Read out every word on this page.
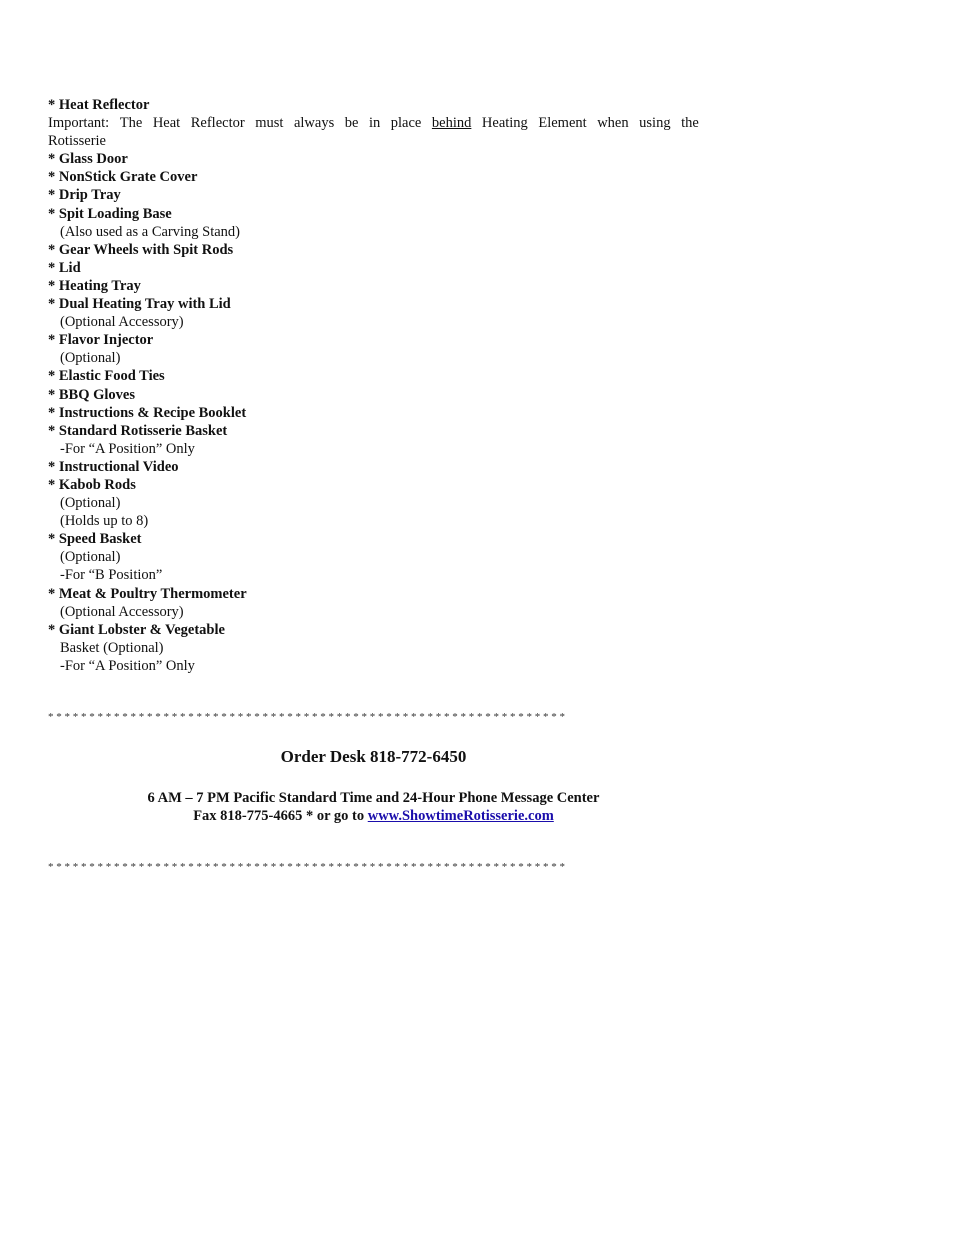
* Heat Reflector
Important: The Heat Reflector must always be in place behind Heating Element when using the
Rotisserie
* Glass Door
* NonStick Grate Cover
* Drip Tray
* Spit Loading Base
(Also used as a Carving Stand)
* Gear Wheels with Spit Rods
* Lid
* Heating Tray
* Dual Heating Tray with Lid
(Optional Accessory)
* Flavor Injector
(Optional)
* Elastic Food Ties
* BBQ Gloves
* Instructions & Recipe Booklet
* Standard Rotisserie Basket
-For “A Position” Only
* Instructional Video
* Kabob Rods
(Optional)
(Holds up to 8)
* Speed Basket
(Optional)
-For “B Position”
* Meat & Poultry Thermometer
(Optional Accessory)
* Giant Lobster & Vegetable
Basket (Optional)
-For “A Position” Only
* * * * * * * * * * * * * * * * * * * * * * * * * * * * * * * * * * * * * * * * * * * * * * * * * * * * * * * * * * * * * * *
Order Desk 818-772-6450
6 AM – 7 PM Pacific Standard Time and 24-Hour Phone Message Center
Fax 818-775-4665 * or go to www.ShowtimeRotisserie.com
* * * * * * * * * * * * * * * * * * * * * * * * * * * * * * * * * * * * * * * * * * * * * * * * * * * * * * * * * * * * * * *
